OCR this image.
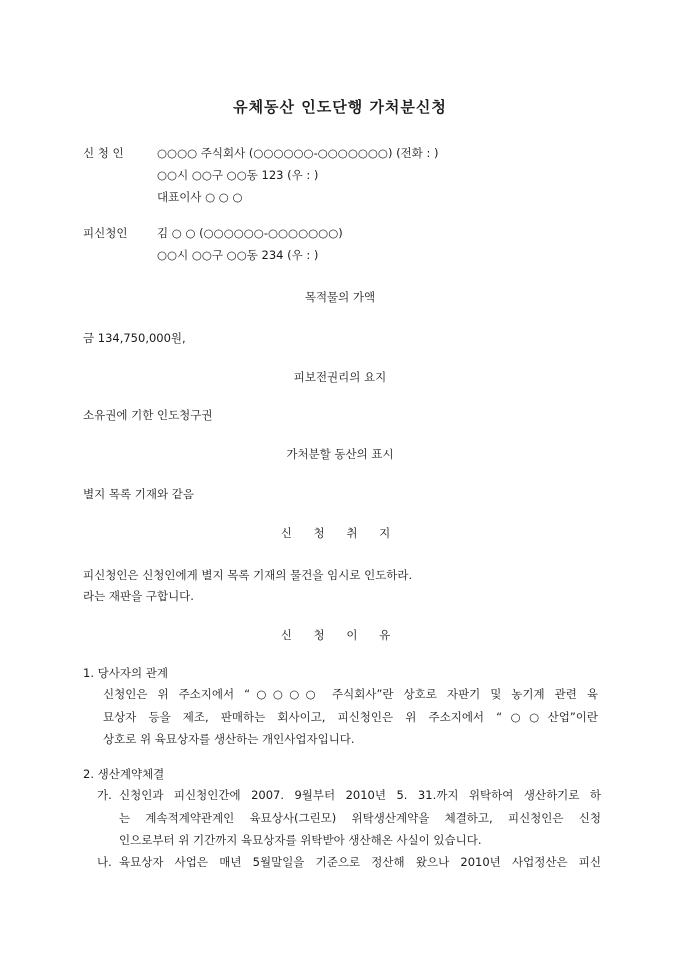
유체동산 인도단행 가처분신청
신 청 인	○○○○ 주식회사 (○○○○○○-○○○○○○○) (전화 : )
○○시 ○○구 ○○동 123 (우 : )
대표이사 ○ ○ ○
피신청인	김 ○ ○ (○○○○○○-○○○○○○○)
○○시 ○○구 ○○동 234 (우 : )
목적물의 가액
금 134,750,000원,
피보전권리의 요지
소유권에 기한 인도청구권
가처분할 동산의 표시
별지 목록 기재와 같음
신 청 취 지
피신청인은 신청인에게 별지 목록 기재의 물건을 임시로 인도하라.
라는 재판을 구합니다.
신 청 이 유
1. 당사자의 관계
신청인은 위 주소지에서 “○○○○ 주식회사”란 상호로 자판기 및 농기계 관련 육
묘상자 등을 제조, 판매하는 회사이고, 피신청인은 위 주소지에서 “○○산업”이란
상호로 위 육묘상자를 생산하는 개인사업자입니다.
2. 생산계약체결
가. 신청인과 피신청인간에 2007. 9월부터 2010년 5. 31.까지 위탁하여 생산하기로 하
는 계속적계약관계인 육묘상사(그린모) 위탁생산계약을 체결하고, 피신청인은 신청
인으로부터 위 기간까지 육묘상자를 위탁받아 생산해온 사실이 있습니다.
나. 육묘상자 사업은 매년 5월말일을 기준으로 정산해 왔으나 2010년 사업정산은 피신
